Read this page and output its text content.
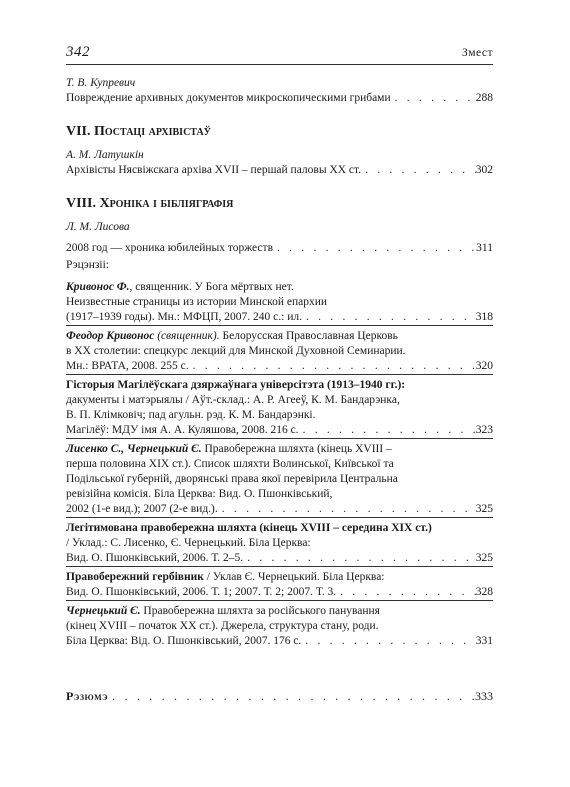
342	Змест
Т. В. Купревич
Повреждение архивных документов микроскопическими грибами . . .	288
VII. Постаці архівістаў
А. М. Латушкін
Архівісты Нясвіжскага архіва XVII – першай паловы XX ст. . . .	302
VIII. Хроніка і бібліяграфія
Л. М. Лисова
2008 год — хроника юбилейных торжеств . . .	311
Рэцэнзіі:
Кривонос Ф., священник. У Бога мёртвых нет.
Неизвестные страницы из истории Минской епархии
(1917–1939 годы). Мн.: МФЦП, 2007. 240 с.: ил. . . .	318
Феодор Кривонос (священник). Белорусская Православная Церковь
в XX столетии: спецкурс лекций для Минской Духовной Семинарии.
Мн.: ВРАТА, 2008. 255 с. . . .	320
Гісторыя Магілёўскага дзяржаўнага універсітэта (1913–1940 гг.):
дакументы і матэрыялы / Аўт.-склад.: А. Р. Агееў, К. М. Бандарэнка,
В. П. Клімковіч; пад агульн. рэд. К. М. Бандарэнкі.
Магілёў: МДУ імя А. А. Куляшова, 2008. 216 с. . . .	323
Лисенко С., Чернецький Є. Правобережна шляхта (кінець XVIII –
перша половина XIX ст.). Список шляхти Волинської, Київської та
Подільської губерній, дворянські права якої перевірила Центральна
ревізійна комісія. Біла Церква: Вид. О. Пшонківський,
2002 (1-е вид.); 2007 (2-е вид.). . . .	325
Легітимована правобережна шляхта (кінець XVIII – середина XIX ст.)
/ Уклад.: С. Лисенко, Є. Чернецький. Біла Церква:
Вид. О. Пшонківський, 2006. Т. 2–5. . . .	325
Правобережний гербівник / Уклав Є. Чернецький. Біла Церква:
Вид. О. Пшонківський, 2006. Т. 1; 2007. Т. 2; 2007. Т. 3. . . .	328
Чернецький Є. Правобережна шляхта за російського панування
(кінец XVIII – початок XX ст.). Джерела, структура стану, роди.
Біла Церква: Від. О. Пшонківський, 2007. 176 с. . . .	331
Рэзюмэ . . .	333
